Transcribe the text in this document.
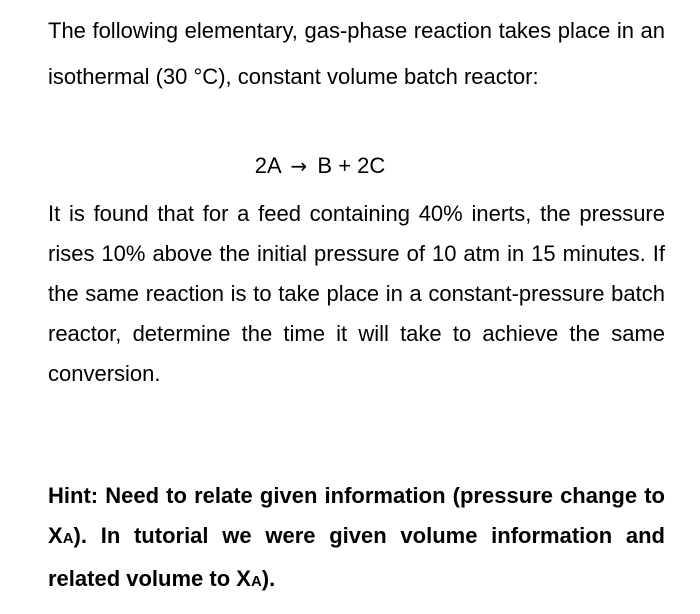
The following elementary, gas-phase reaction takes place in an isothermal (30 °C), constant volume batch reactor:

2A → B + 2C

It is found that for a feed containing 40% inerts, the pressure rises 10% above the initial pressure of 10 atm in 15 minutes. If the same reaction is to take place in a constant-pressure batch reactor, determine the time it will take to achieve the same conversion.

Hint: Need to relate given information (pressure change to XA). In tutorial we were given volume information and related volume to XA).
